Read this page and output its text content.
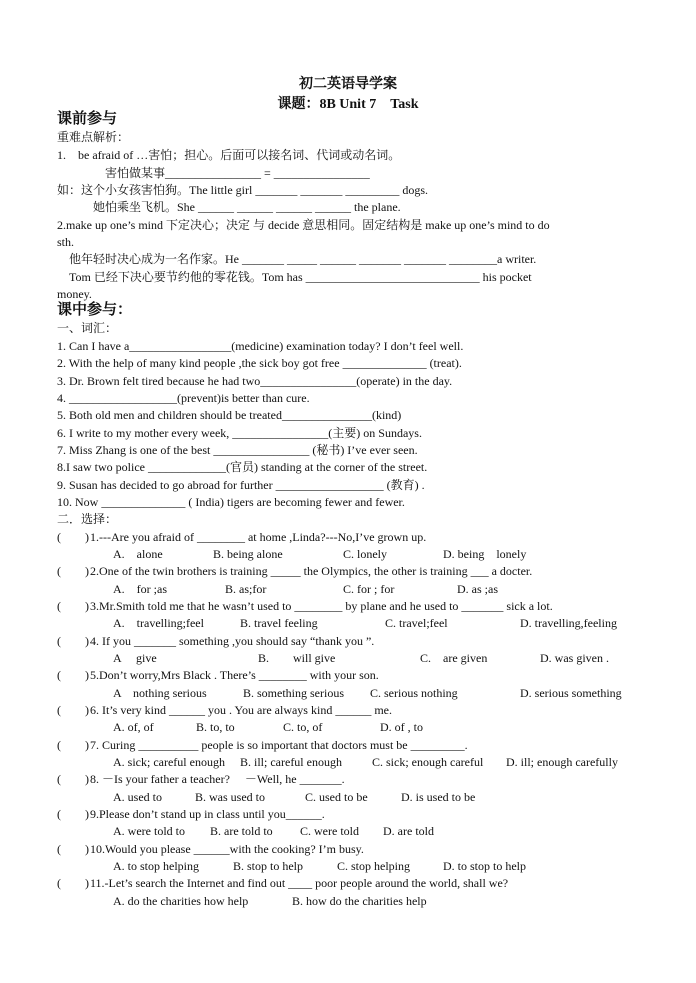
初二英语导学案
课题：8B Unit 7　Task
课前参与
重难点解析：
1.　be afraid of …害怕；担心。后面可以接名词、代词或动名词。
　　　　害怕做某事________________ = ________________
如：这个小女孩害怕狗。The little girl _______ _______ _________ dogs.
　　　她怕乘坐飞机。She ______ ______ ______ ______ the plane.
2.make up one’s mind 下定决心；决定 与 decide 意思相同。固定结构是 make up one’s mind to do
sth.
　他年轻时决心成为一名作家。He _______ _____ ______ _______ _______ ________a writer.
　Tom 已经下决心要节约他的零花钱。Tom has _____________________________ his pocket
money.
课中参与：
一、词汇：
1. Can I have a_________________(medicine) examination today? I don’t feel well.
2. With the help of many kind people ,the sick boy got free ______________ (treat).
3. Dr. Brown felt tired because he had two________________(operate) in the day.
4. __________________(prevent)is better than cure.
5. Both old men and children should be treated_______________(kind)
6. I write to my mother every week, ________________(主要) on Sundays.
7. Miss Zhang is one of the best ________________ (秘书) I’ve ever seen.
8.I saw two police _____________(官员) standing at the corner of the street.
9. Susan has decided to go abroad for further __________________ (教育) .
10. Now ______________ ( India) tigers are becoming fewer and fewer.
二．选择：
(　　) 1.---Are you afraid of ________ at home ,Linda?---No,I’ve grown up.
A.　alone	B. being alone	C. lonely	D. being　lonely
(　　) 2.One of the twin brothers is training _____ the Olympics, the other is training ___ a docter.
A.　for ;as	B. as;for	C. for ; for	D. as ;as
(　　) 3.Mr.Smith told me that he wasn’t used to ________ by plane and he used to _______ sick a lot.
A.　travelling;feel	B. travel feeling	C. travel;feel	D. travelling,feeling
(　　) 4. If you _______ something ,you should say “thank you ”.
A　 give	B.　　will give	C.　are given	D. was given .
(　　) 5.Don’t worry,Mrs Black . There’s ________ with your son.
A　nothing serious	B. something serious C. serious nothing	D. serious something
(　　) 6. It’s very kind ______ you . You are always kind ______ me.
A. of, of	B. to, to	C. to, of	D. of , to
(　　) 7. Curing __________ people is so important that doctors must be _________.
A. sick; careful enough B. ill; careful enough	C. sick; enough careful D. ill; enough carefully
(　　) 8. －Is your father a teacher?　 －Well, he _______.
A. used to	B. was used to	C. used to be	D. is used to be
(　　) 9.Please don’t stand up in class until you______.
A. were told to B. are told to C. were told D. are told
(　　) 10.Would you please ______with the cooking? I’m busy.
A. to stop helping	B. stop to help	C. stop helping	D. to stop to help
(　　) 11.-Let’s search the Internet and find out ____ poor people around the world, shall we?
A. do the charities how help	B. how do the charities help
